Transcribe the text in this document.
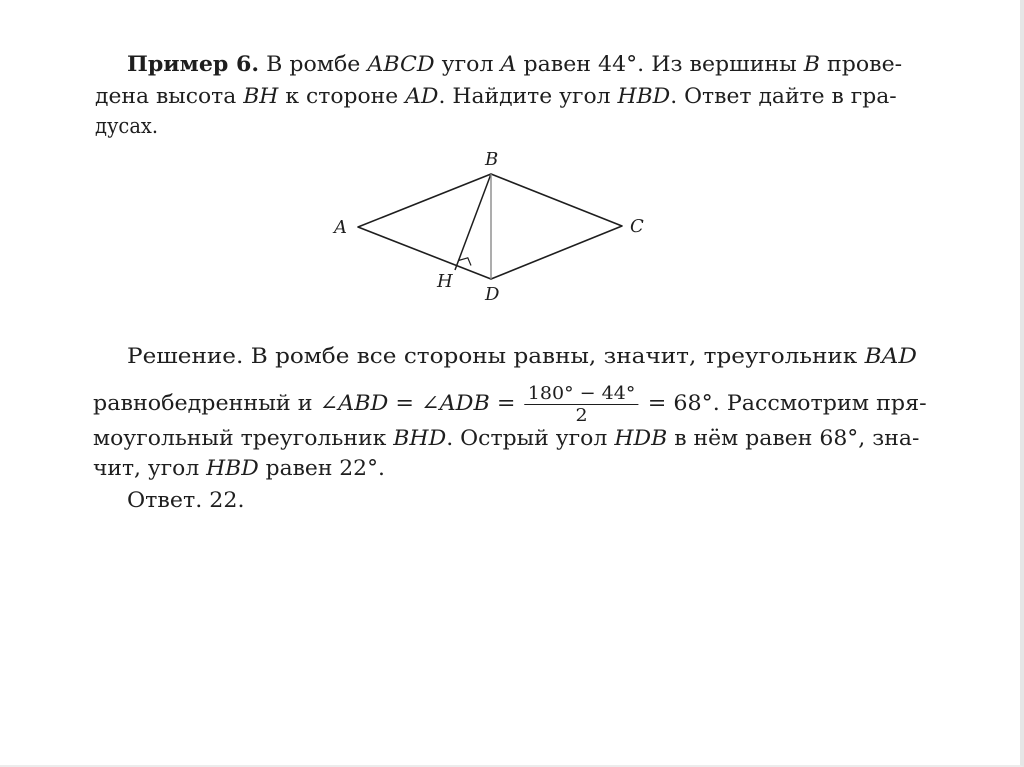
Пример 6. В ромбе ABCD угол A равен 44°. Из вершины B прове-
дена высота BH к стороне AD. Найдите угол HBD. Ответ дайте в гра-
дусах.
B
A	C
H
D
Решение. В ромбе все стороны равны, значит, треугольник BAD
равнобедренный и ∠ABD = ∠ADB = $\frac{180^\circ - 44^\circ}{2} = 68^\circ$. Рассмотрим пря-
моугольный треугольник BHD. Острый угол HDB в нём равен 68°, зна-
чит, угол HBD равен 22°.
Ответ. 22.
